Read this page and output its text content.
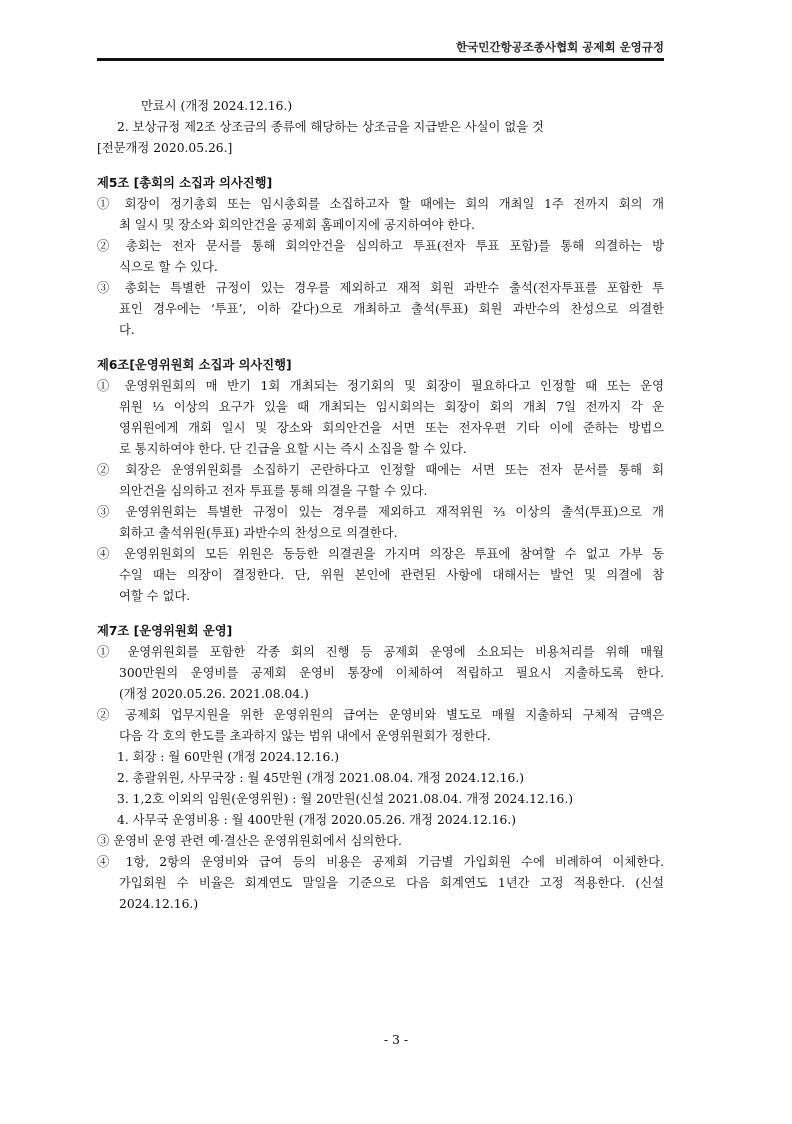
한국민간항공조종사협회 공제회 운영규정
만료시 (개정 2024.12.16.)
2. 보상규정 제2조 상조금의 종류에 해당하는 상조금을 지급받은 사실이 없을 것
[전문개정 2020.05.26.]
제5조 [총회의 소집과 의사진행]
① 회장이 정기총회 또는 임시총회를 소집하고자 할 때에는 회의 개최일 1주 전까지 회의 개
최 일시 및 장소와 회의안건을 공제회 홈페이지에 공지하여야 한다.
② 총회는 전자 문서를 통해 회의안건을 심의하고 투표(전자 투표 포함)를 통해 의결하는 방
식으로 할 수 있다.
③ 총회는 특별한 규정이 있는 경우를 제외하고 재적 회원 과반수 출석(전자투표를 포함한 투
표인 경우에는 ‘투표’, 이하 같다)으로 개최하고 출석(투표) 회원 과반수의 찬성으로 의결한
다.
제6조[운영위원회 소집과 의사진행]
① 운영위원회의 매 반기 1회 개최되는 정기회의 및 회장이 필요하다고 인정할 때 또는 운영
위원 ⅓ 이상의 요구가 있을 때 개최되는 임시회의는 회장이 회의 개최 7일 전까지 각 운
영위원에게 개회 일시 및 장소와 회의안건을 서면 또는 전자우편 기타 이에 준하는 방법으
로 통지하여야 한다. 단 긴급을 요할 시는 즉시 소집을 할 수 있다.
② 회장은 운영위원회를 소집하기 곤란하다고 인정할 때에는 서면 또는 전자 문서를 통해 회
의안건을 심의하고 전자 투표를 통해 의결을 구할 수 있다.
③ 운영위원회는 특별한 규정이 있는 경우를 제외하고 재적위원 ⅔ 이상의 출석(투표)으로 개
회하고 출석위원(투표) 과반수의 찬성으로 의결한다.
④ 운영위원회의 모든 위원은 동등한 의결권을 가지며 의장은 투표에 참여할 수 없고 가부 동
수일 때는 의장이 결정한다. 단, 위원 본인에 관련된 사항에 대해서는 발언 및 의결에 참
여할 수 없다.
제7조 [운영위원회 운영]
① 운영위원회를 포함한 각종 회의 진행 등 공제회 운영에 소요되는 비용처리를 위해 매월
300만원의 운영비를 공제회 운영비 통장에 이체하여 적립하고 필요시 지출하도록 한다.
(개정 2020.05.26. 2021.08.04.)
② 공제회 업무지원을 위한 운영위원의 급여는 운영비와 별도로 매월 지출하되 구체적 금액은
다음 각 호의 한도를 초과하지 않는 범위 내에서 운영위원회가 정한다.
1. 회장 : 월 60만원 (개정 2024.12.16.)
2. 총괄위원, 사무국장 : 월 45만원 (개정 2021.08.04. 개정 2024.12.16.)
3. 1,2호 이외의 임원(운영위원) : 월 20만원(신설 2021.08.04. 개정 2024.12.16.)
4. 사무국 운영비용 : 월 400만원 (개정 2020.05.26. 개정 2024.12.16.)
③ 운영비 운영 관련 예·결산은 운영위원회에서 심의한다.
④ 1항, 2항의 운영비와 급여 등의 비용은 공제회 기금별 가입회원 수에 비례하여 이체한다.
가입회원 수 비율은 회계연도 말일을 기준으로 다음 회계연도 1년간 고정 적용한다. (신설
2024.12.16.)
- 3 -
